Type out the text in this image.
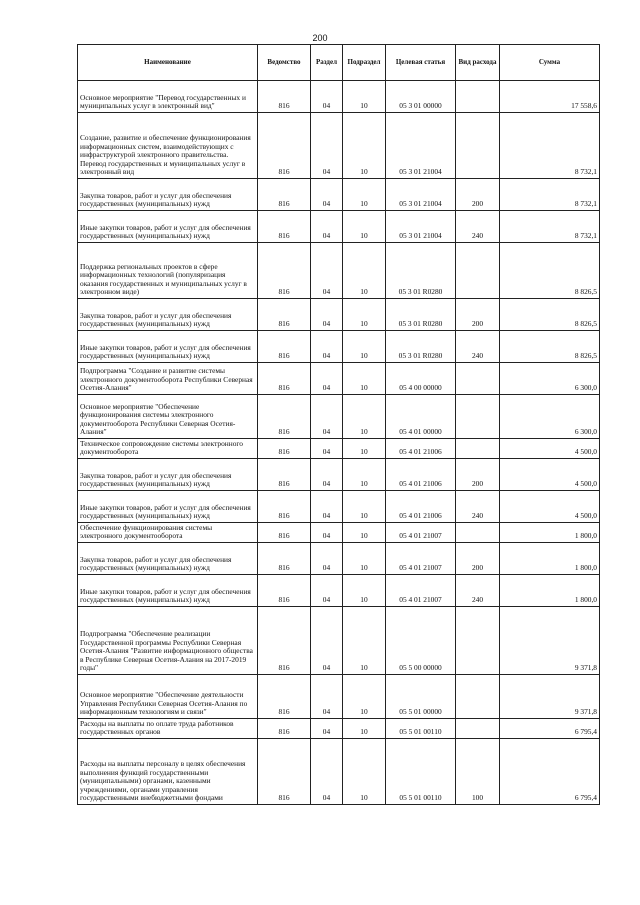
200
Наименование	Ведомство	Раздел	Подраздел	Целевая статья	Вид расхода	Сумма
Основное мероприятие "Перевод государственных и муниципальных услуг в электронный вид"	816	04	10	05 3 01 00000		17 558,6
Создание, развитие и обеспечение функционирования информационных систем, взаимодействующих с инфраструктурой электронного правительства. Перевод государственных и муниципальных услуг в электронный вид	816	04	10	05 3 01 21004		8 732,1
Закупка товаров, работ и услуг для обеспечения государственных (муниципальных) нужд	816	04	10	05 3 01 21004	200	8 732,1
Иные закупки товаров, работ и услуг для обеспечения государственных (муниципальных) нужд	816	04	10	05 3 01 21004	240	8 732,1
Поддержка региональных проектов в сфере информационных технологий (популяризация оказания государственных и муниципальных услуг в электронном виде)	816	04	10	05 3 01 R0280		8 826,5
Закупка товаров, работ и услуг для обеспечения государственных (муниципальных) нужд	816	04	10	05 3 01 R0280	200	8 826,5
Иные закупки товаров, работ и услуг для обеспечения государственных (муниципальных) нужд	816	04	10	05 3 01 R0280	240	8 826,5
Подпрограмма "Создание и развитие системы электронного документооборота Республики Северная Осетия-Алания"	816	04	10	05 4 00 00000		6 300,0
Основное мероприятие "Обеспечение функционирования системы электронного документооборота Республики Северная Осетия-Алания"	816	04	10	05 4 01 00000		6 300,0
Техническое сопровождение системы электронного документооборота	816	04	10	05 4 01 21006		4 500,0
Закупка товаров, работ и услуг для обеспечения государственных (муниципальных) нужд	816	04	10	05 4 01 21006	200	4 500,0
Иные закупки товаров, работ и услуг для обеспечения государственных (муниципальных) нужд	816	04	10	05 4 01 21006	240	4 500,0
Обеспечение функционирования системы электронного документооборота	816	04	10	05 4 01 21007		1 800,0
Закупка товаров, работ и услуг для обеспечения государственных (муниципальных) нужд	816	04	10	05 4 01 21007	200	1 800,0
Иные закупки товаров, работ и услуг для обеспечения государственных (муниципальных) нужд	816	04	10	05 4 01 21007	240	1 800,0
Подпрограмма "Обеспечение реализации Государственной программы Республики Северная Осетия-Алания "Развитие информационного общества в Республике Северная Осетия-Алания на 2017-2019 годы"	816	04	10	05 5 00 00000		9 371,8
Основное мероприятие "Обеспечение деятельности Управления Республики Северная Осетия-Алания по информационным технологиям и связи"	816	04	10	05 5 01 00000		9 371,8
Расходы на выплаты по оплате труда работников государственных органов	816	04	10	05 5 01 00110		6 795,4
Расходы на выплаты персоналу в целях обеспечения выполнения функций государственными (муниципальными) органами, казенными учреждениями, органами управления государственными внебюджетными фондами	816	04	10	05 5 01 00110	100	6 795,4
